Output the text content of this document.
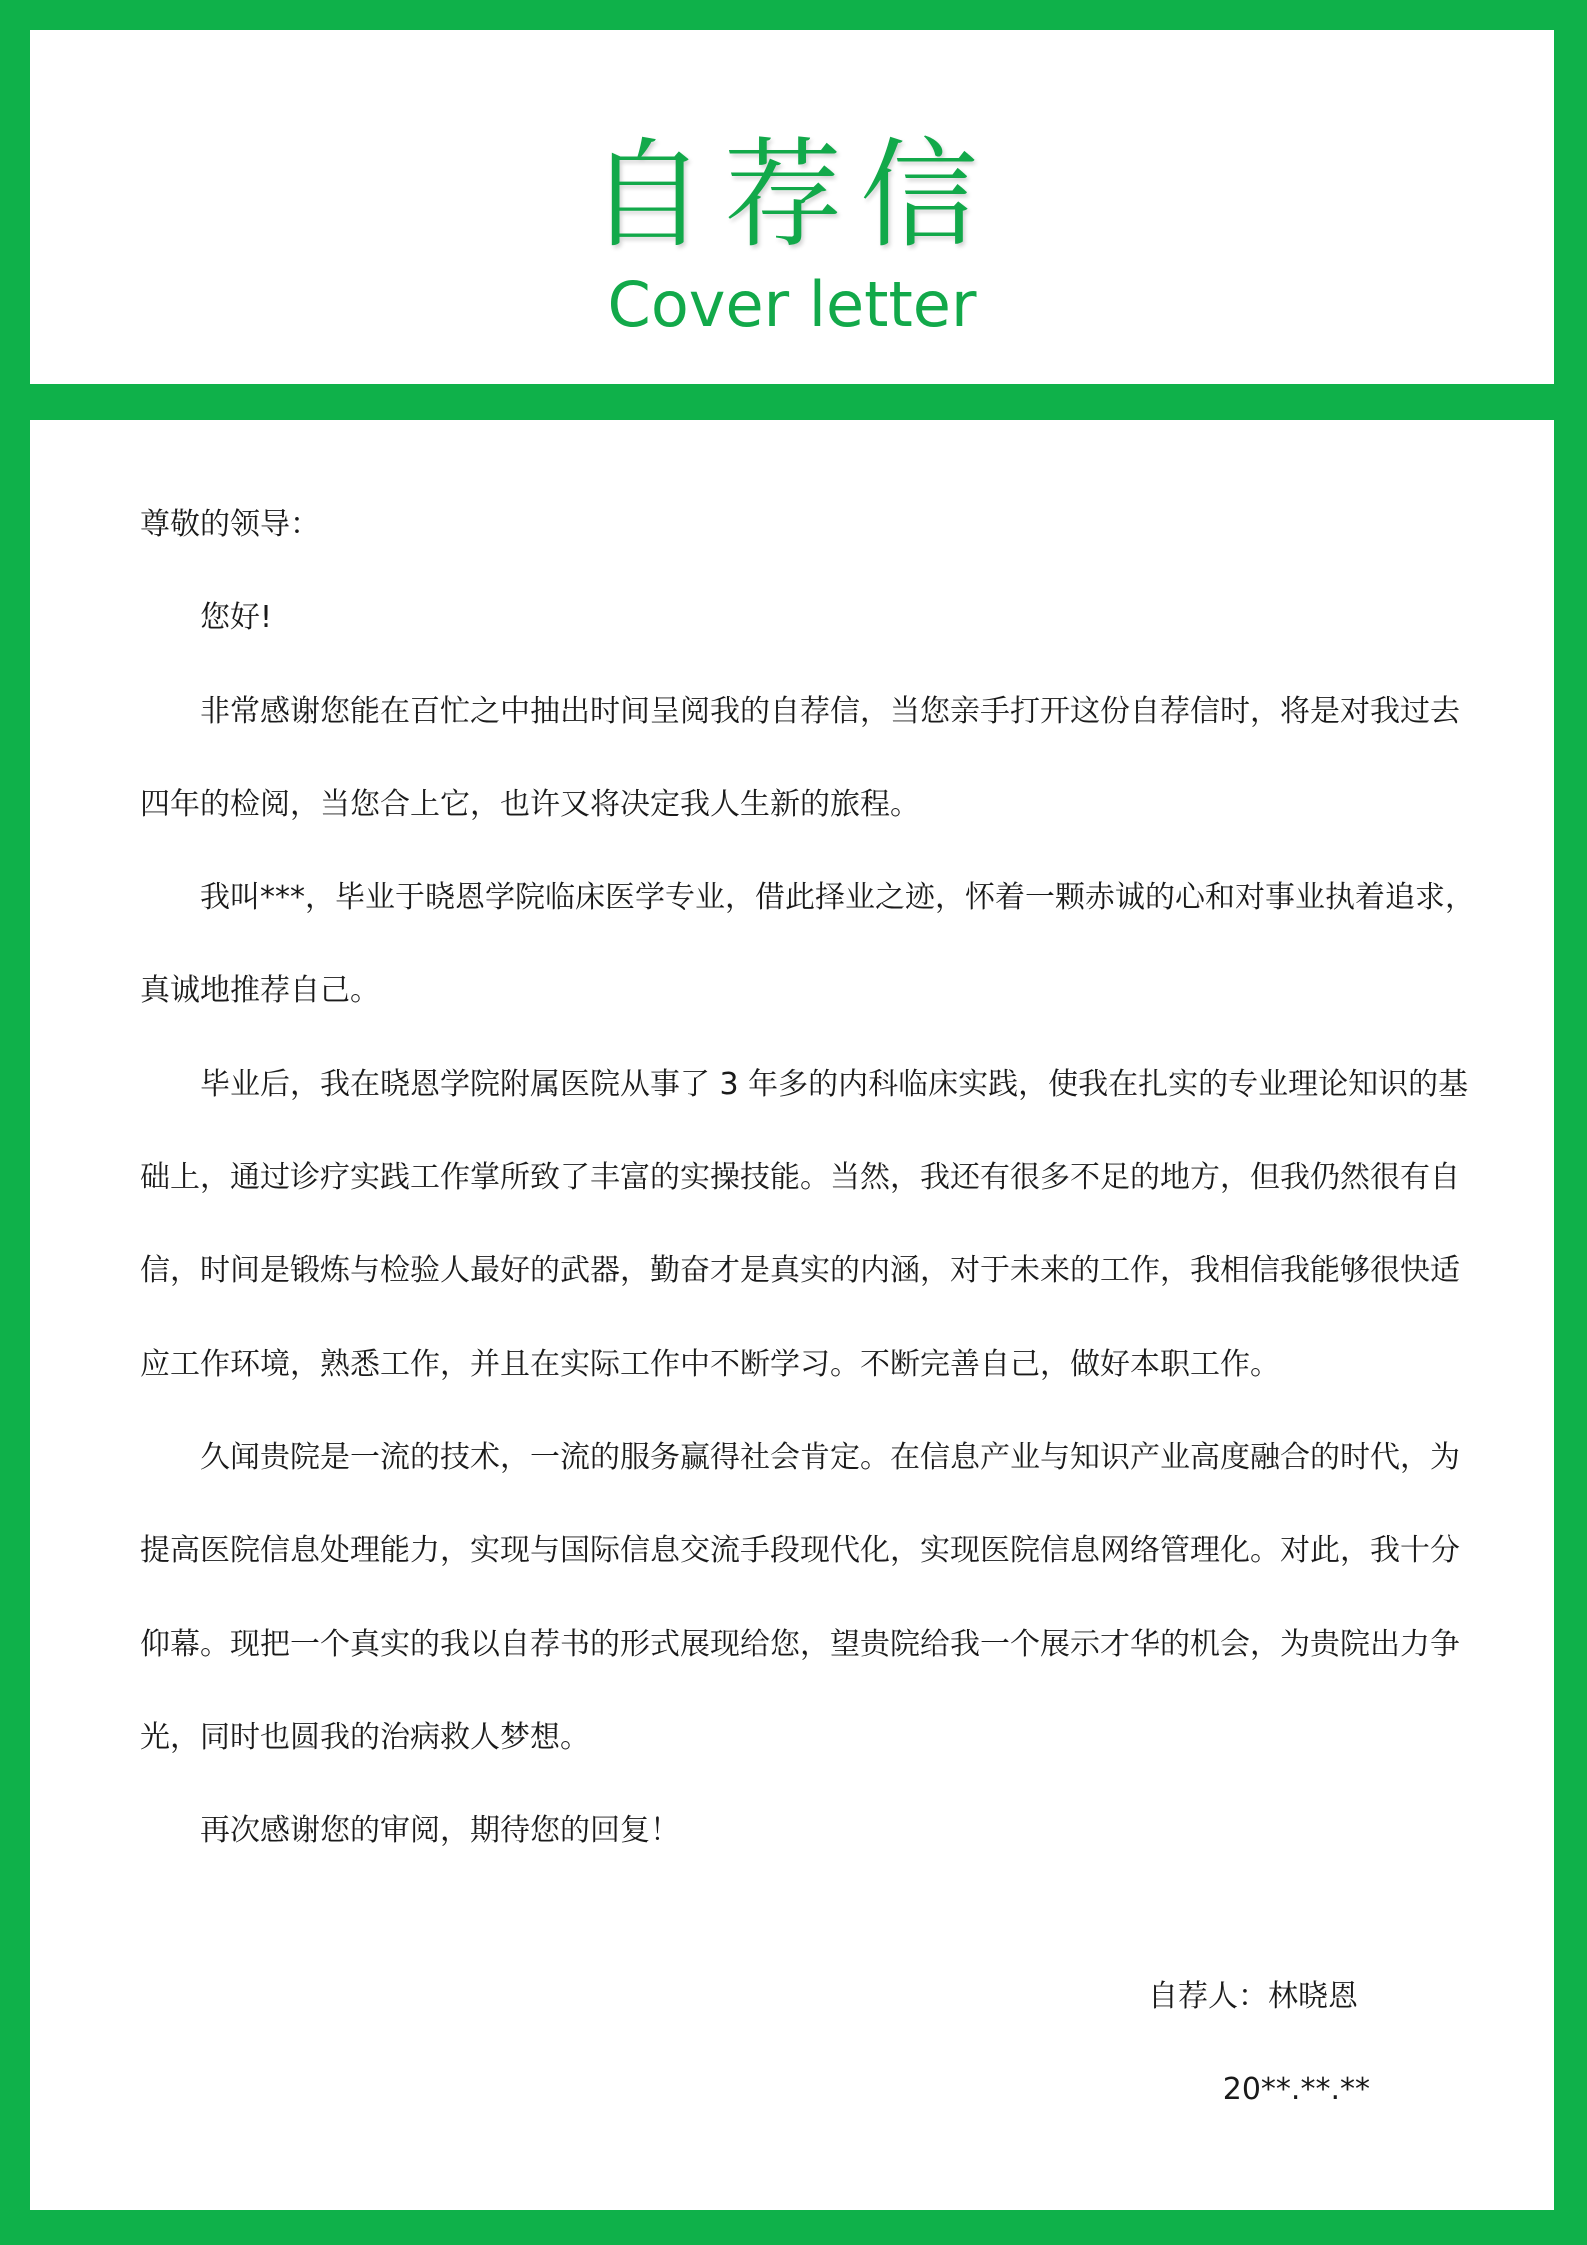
自荐信
Cover letter

尊敬的领导：

您好!

非常感谢您能在百忙之中抽出时间呈阅我的自荐信，当您亲手打开这份自荐信时，将是对我过去四年的检阅，当您合上它，也许又将决定我人生新的旅程。

我叫***，毕业于晓恩学院临床医学专业，借此择业之迹，怀着一颗赤诚的心和对事业执着追求，真诚地推荐自己。

毕业后，我在晓恩学院附属医院从事了 3 年多的内科临床实践，使我在扎实的专业理论知识的基础上，通过诊疗实践工作掌所致了丰富的实操技能。当然，我还有很多不足的地方，但我仍然很有自信，时间是锻炼与检验人最好的武器，勤奋才是真实的内涵，对于未来的工作，我相信我能够很快适应工作环境，熟悉工作，并且在实际工作中不断学习。不断完善自己，做好本职工作。

久闻贵院是一流的技术，一流的服务赢得社会肯定。在信息产业与知识产业高度融合的时代，为提高医院信息处理能力，实现与国际信息交流手段现代化，实现医院信息网络管理化。对此，我十分仰幕。现把一个真实的我以自荐书的形式展现给您，望贵院给我一个展示才华的机会，为贵院出力争光，同时也圆我的治病救人梦想。

再次感谢您的审阅，期待您的回复！

自荐人：林晓恩
20**.**.**
